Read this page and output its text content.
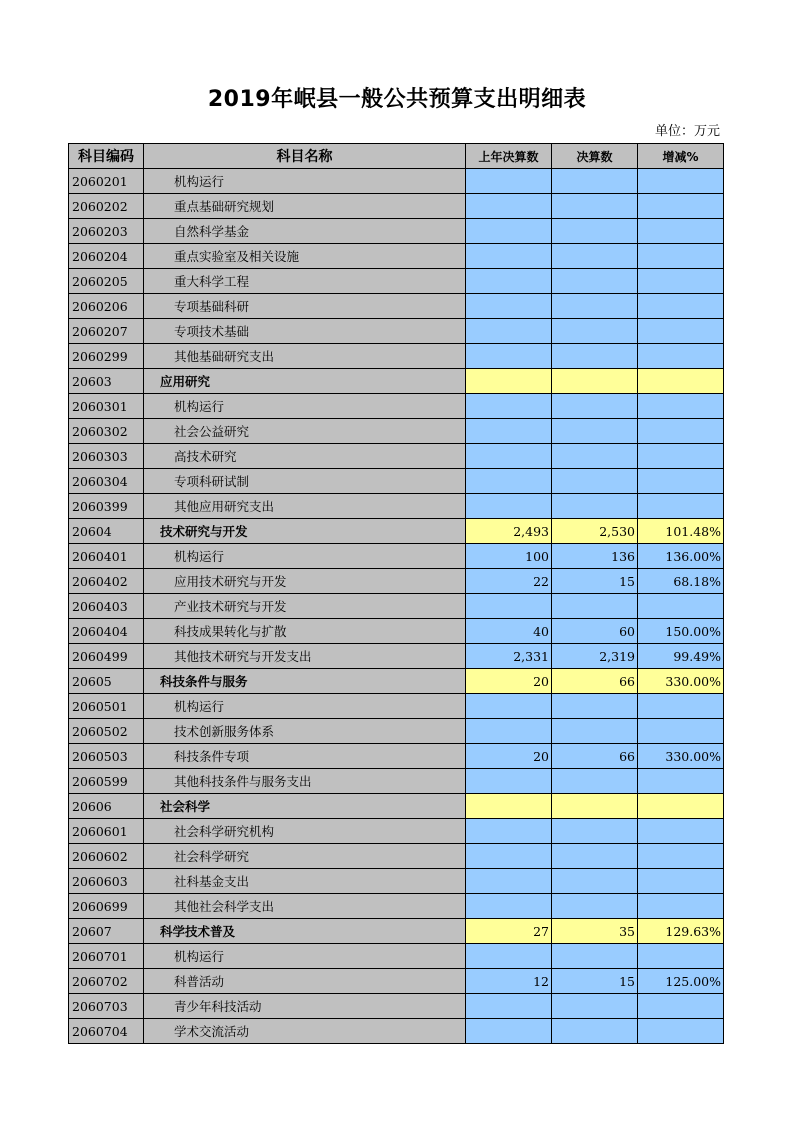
2019年岷县一般公共预算支出明细表
单位：万元
科目编码	科目名称	上年决算数	决算数	增减%
2060201	机构运行			
2060202	重点基础研究规划			
2060203	自然科学基金			
2060204	重点实验室及相关设施			
2060205	重大科学工程			
2060206	专项基础科研			
2060207	专项技术基础			
2060299	其他基础研究支出			
20603	应用研究			
2060301	机构运行			
2060302	社会公益研究			
2060303	高技术研究			
2060304	专项科研试制			
2060399	其他应用研究支出			
20604	技术研究与开发	2,493	2,530	101.48%
2060401	机构运行	100	136	136.00%
2060402	应用技术研究与开发	22	15	68.18%
2060403	产业技术研究与开发			
2060404	科技成果转化与扩散	40	60	150.00%
2060499	其他技术研究与开发支出	2,331	2,319	99.49%
20605	科技条件与服务	20	66	330.00%
2060501	机构运行			
2060502	技术创新服务体系			
2060503	科技条件专项	20	66	330.00%
2060599	其他科技条件与服务支出			
20606	社会科学			
2060601	社会科学研究机构			
2060602	社会科学研究			
2060603	社科基金支出			
2060699	其他社会科学支出			
20607	科学技术普及	27	35	129.63%
2060701	机构运行			
2060702	科普活动	12	15	125.00%
2060703	青少年科技活动			
2060704	学术交流活动			
